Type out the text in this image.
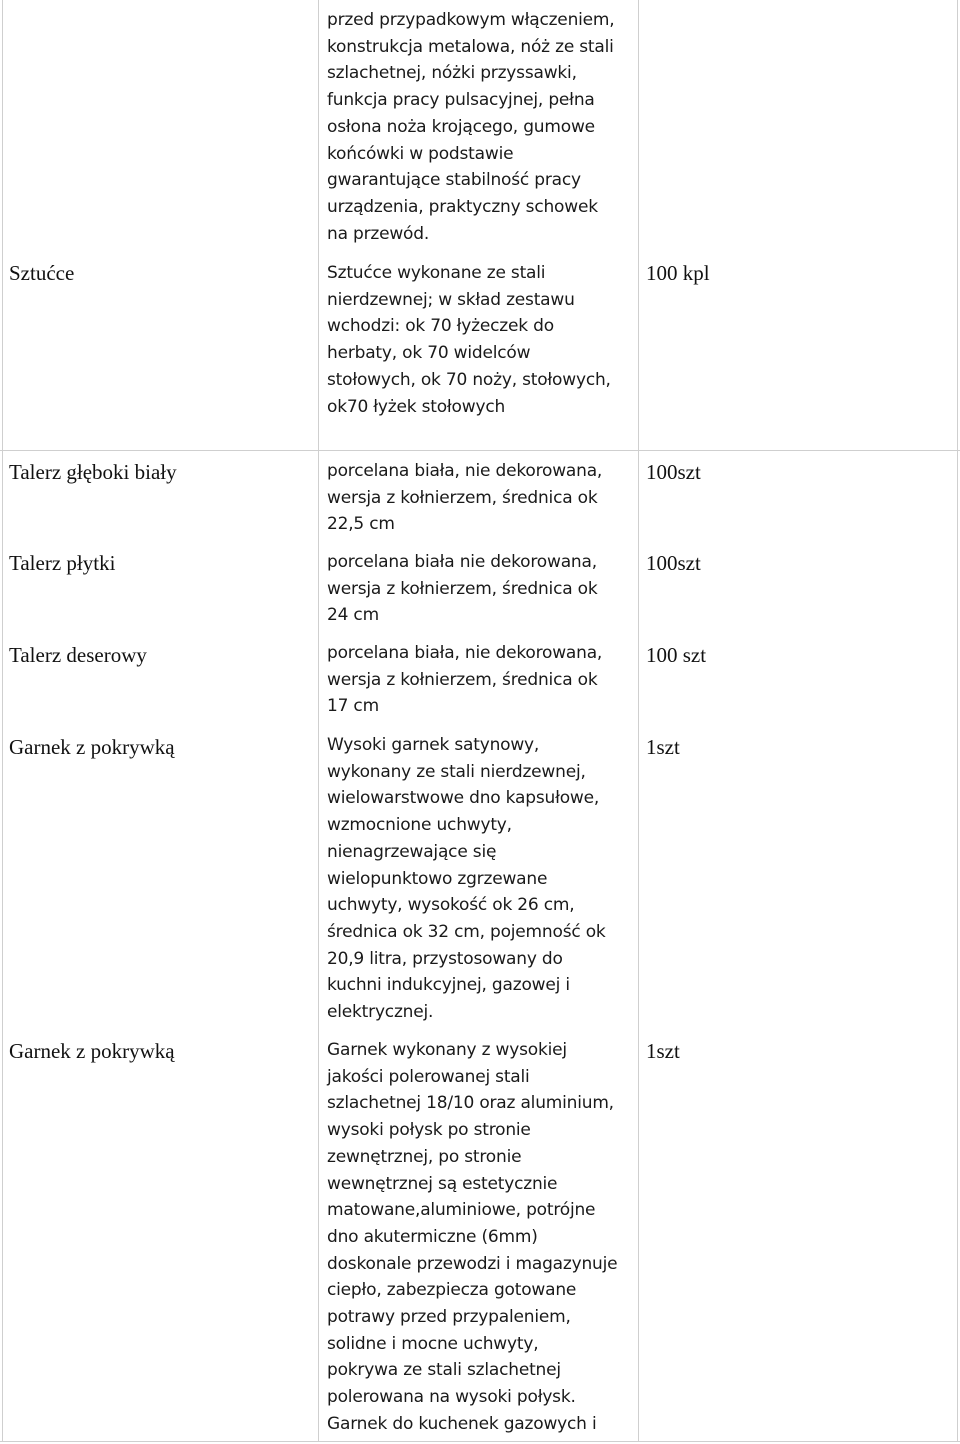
przed przypadkowym włączeniem,
konstrukcja metalowa, nóż ze stali
szlachetnej, nóżki przyssawki,
funkcja pracy pulsacyjnej, pełna
osłona noża krojącego, gumowe
końcówki w podstawie
gwarantujące stabilność pracy
urządzenia, praktyczny schowek
na przewód.
Sztućce	Sztućce wykonane ze stali
nierdzewnej; w skład zestawu
wchodzi: ok 70 łyżeczek do
herbaty, ok 70 widelców
stołowych, ok 70 noży, stołowych,
ok70 łyżek stołowych
100 kpl
Talerz głęboki biały	porcelana biała, nie dekorowana,
wersja z kołnierzem, średnica ok
22,5 cm
100szt
Talerz płytki	porcelana biała nie dekorowana,
wersja z kołnierzem, średnica ok
24 cm
100szt
Talerz deserowy	porcelana biała, nie dekorowana,
wersja z kołnierzem, średnica ok
17 cm
100 szt
Garnek z pokrywką	Wysoki garnek satynowy,
wykonany ze stali nierdzewnej,
wielowarstwowe dno kapsułowe,
wzmocnione uchwyty,
nienagrzewające się
wielopunktowo zgrzewane
uchwyty, wysokość ok 26 cm,
średnica ok 32 cm, pojemność ok
20,9 litra, przystosowany do
kuchni indukcyjnej, gazowej i
elektrycznej.
1szt
Garnek z pokrywką	Garnek wykonany z wysokiej
jakości polerowanej stali
szlachetnej 18/10 oraz aluminium,
wysoki połysk po stronie
zewnętrznej, po stronie
wewnętrznej są estetycznie
matowane,aluminiowe, potrójne
dno akutermiczne (6mm)
doskonale przewodzi i magazynuje
ciepło, zabezpiecza gotowane
potrawy przed przypaleniem,
solidne i mocne uchwyty,
pokrywa ze stali szlachetnej
polerowana na wysoki połysk.
Garnek do kuchenek gazowych i
1szt
